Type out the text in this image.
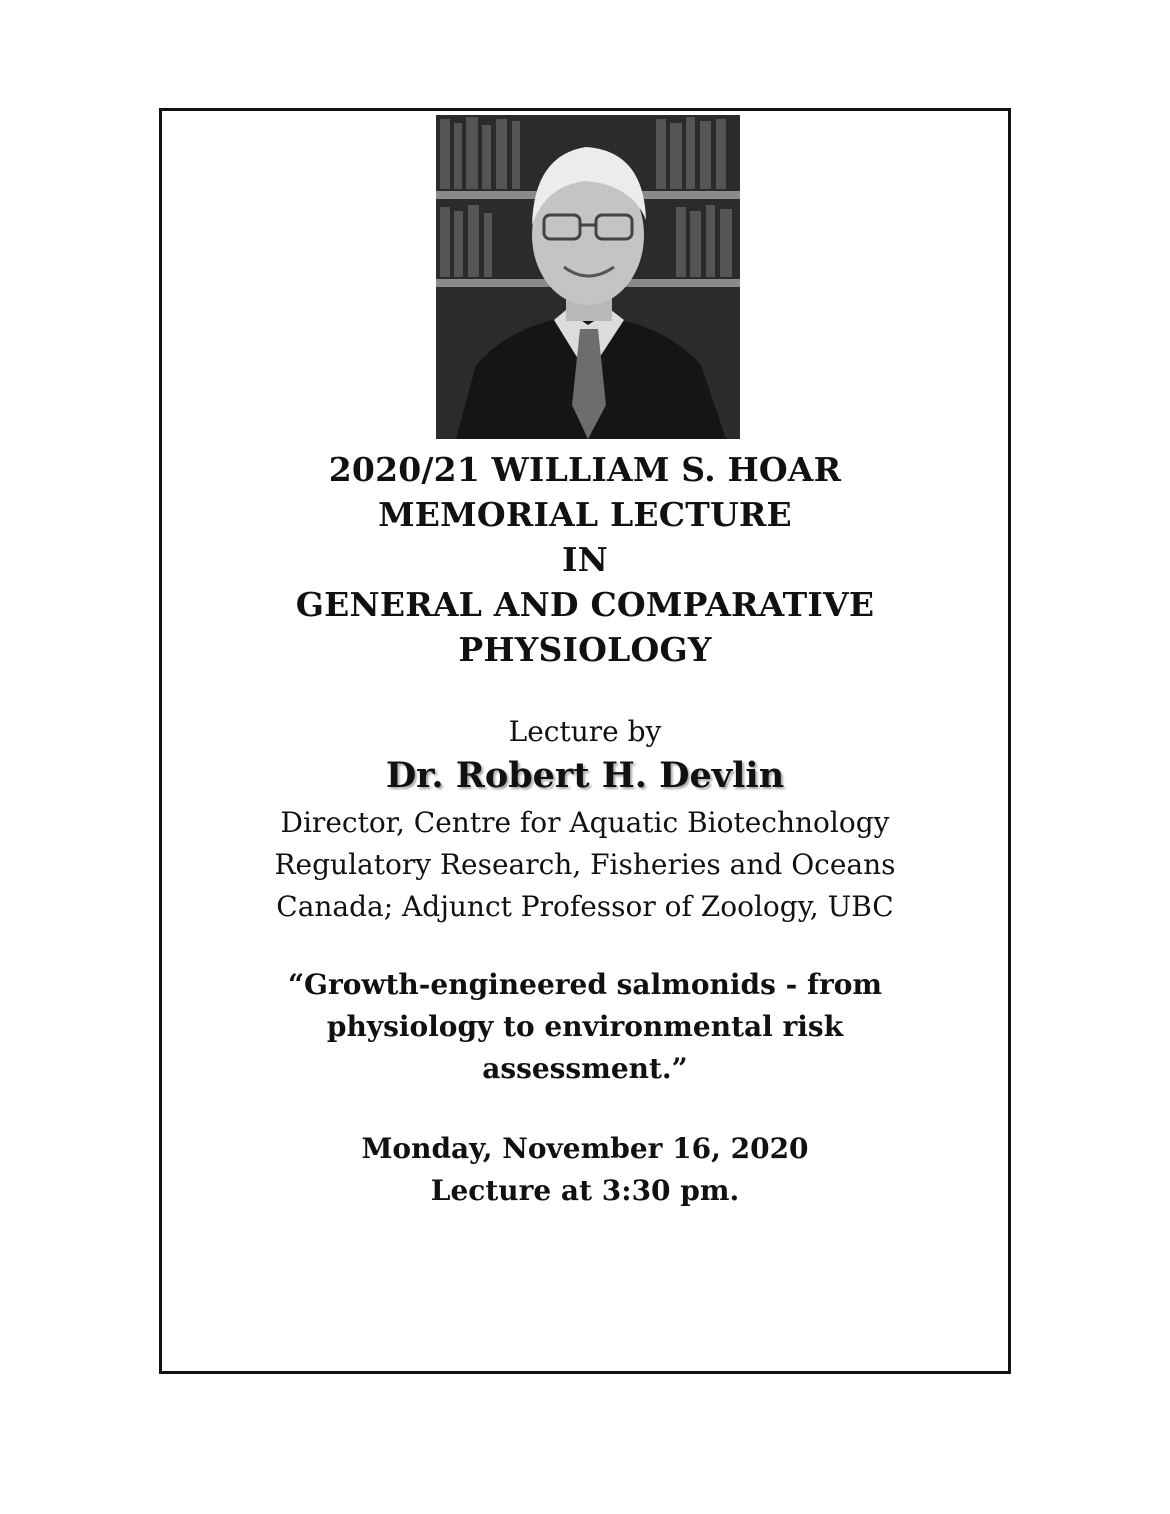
2020/21 WILLIAM S. HOAR
MEMORIAL LECTURE
IN
GENERAL AND COMPARATIVE
PHYSIOLOGY
Lecture by
Dr. Robert H. Devlin
Director, Centre for Aquatic Biotechnology
Regulatory Research, Fisheries and Oceans
Canada; Adjunct Professor of Zoology, UBC
“Growth-engineered salmonids - from
physiology to environmental risk
assessment.”
Monday, November 16, 2020
Lecture at 3:30 pm.
